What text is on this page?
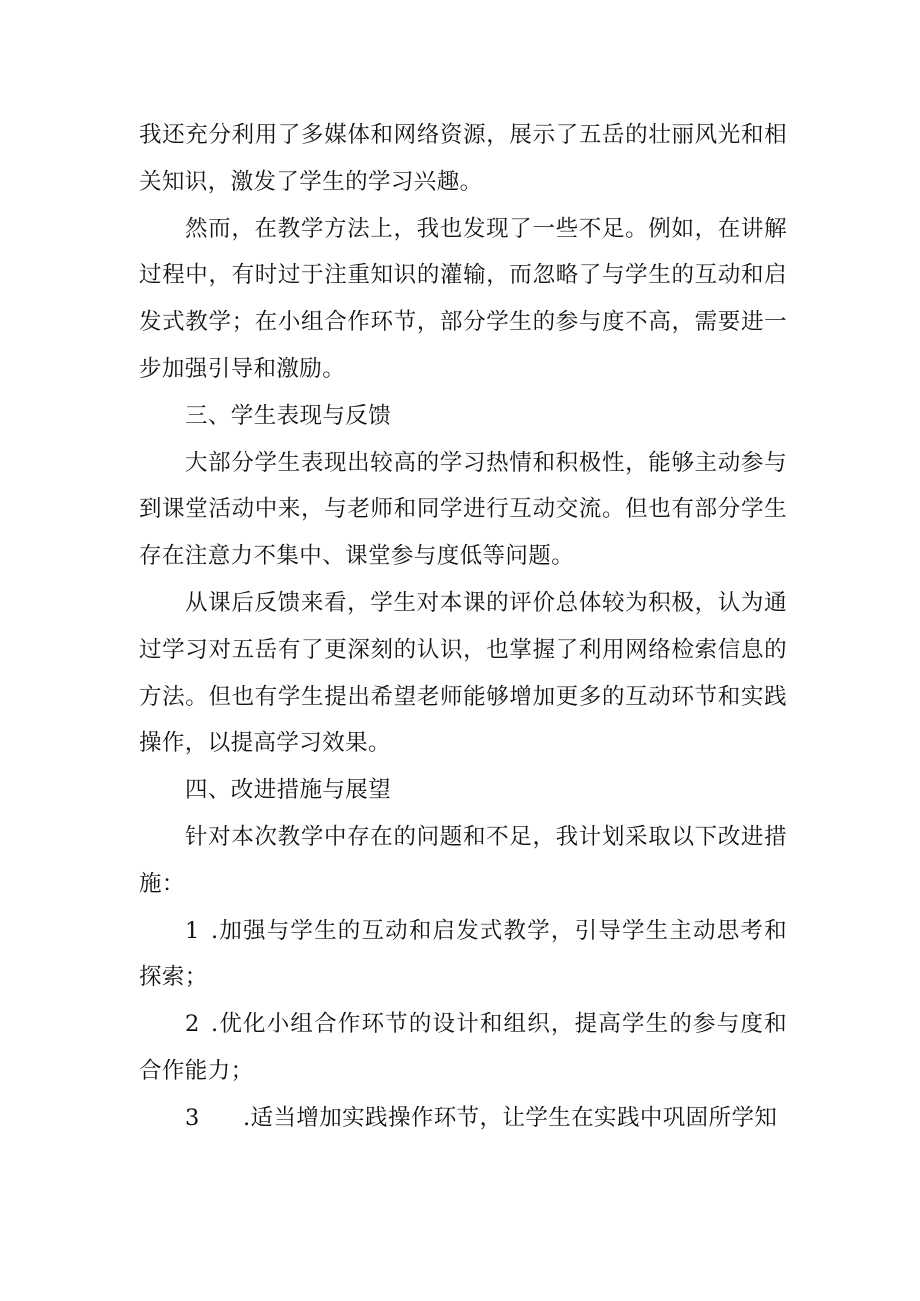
我还充分利用了多媒体和网络资源，展示了五岳的壮丽风光和相关知识，激发了学生的学习兴趣。

然而，在教学方法上，我也发现了一些不足。例如，在讲解过程中，有时过于注重知识的灌输，而忽略了与学生的互动和启发式教学；在小组合作环节，部分学生的参与度不高，需要进一步加强引导和激励。

三、学生表现与反馈

大部分学生表现出较高的学习热情和积极性，能够主动参与到课堂活动中来，与老师和同学进行互动交流。但也有部分学生存在注意力不集中、课堂参与度低等问题。

从课后反馈来看，学生对本课的评价总体较为积极，认为通过学习对五岳有了更深刻的认识，也掌握了利用网络检索信息的方法。但也有学生提出希望老师能够增加更多的互动环节和实践操作，以提高学习效果。

四、改进措施与展望

针对本次教学中存在的问题和不足，我计划采取以下改进措施：

1 .加强与学生的互动和启发式教学，引导学生主动思考和探索；

2 .优化小组合作环节的设计和组织，提高学生的参与度和合作能力；

3 .适当增加实践操作环节，让学生在实践中巩固所学知
